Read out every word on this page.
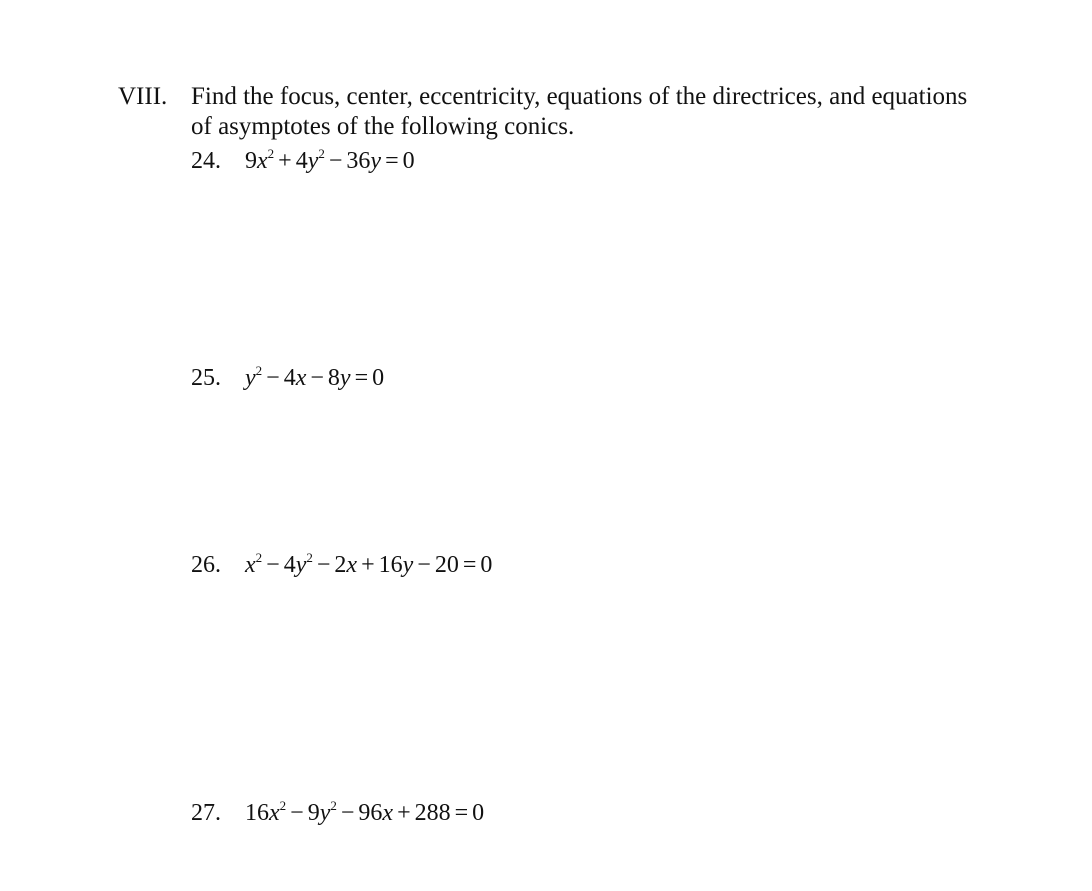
VIII. Find the focus, center, eccentricity, equations of the directrices, and equations of asymptotes of the following conics.
24. $9x^2 + 4y^2 - 36y = 0$
25. $y^2 - 4x - 8y = 0$
26. $x^2 - 4y^2 - 2x + 16y - 20 = 0$
27. $16x^2 - 9y^2 - 96x + 288 = 0$
